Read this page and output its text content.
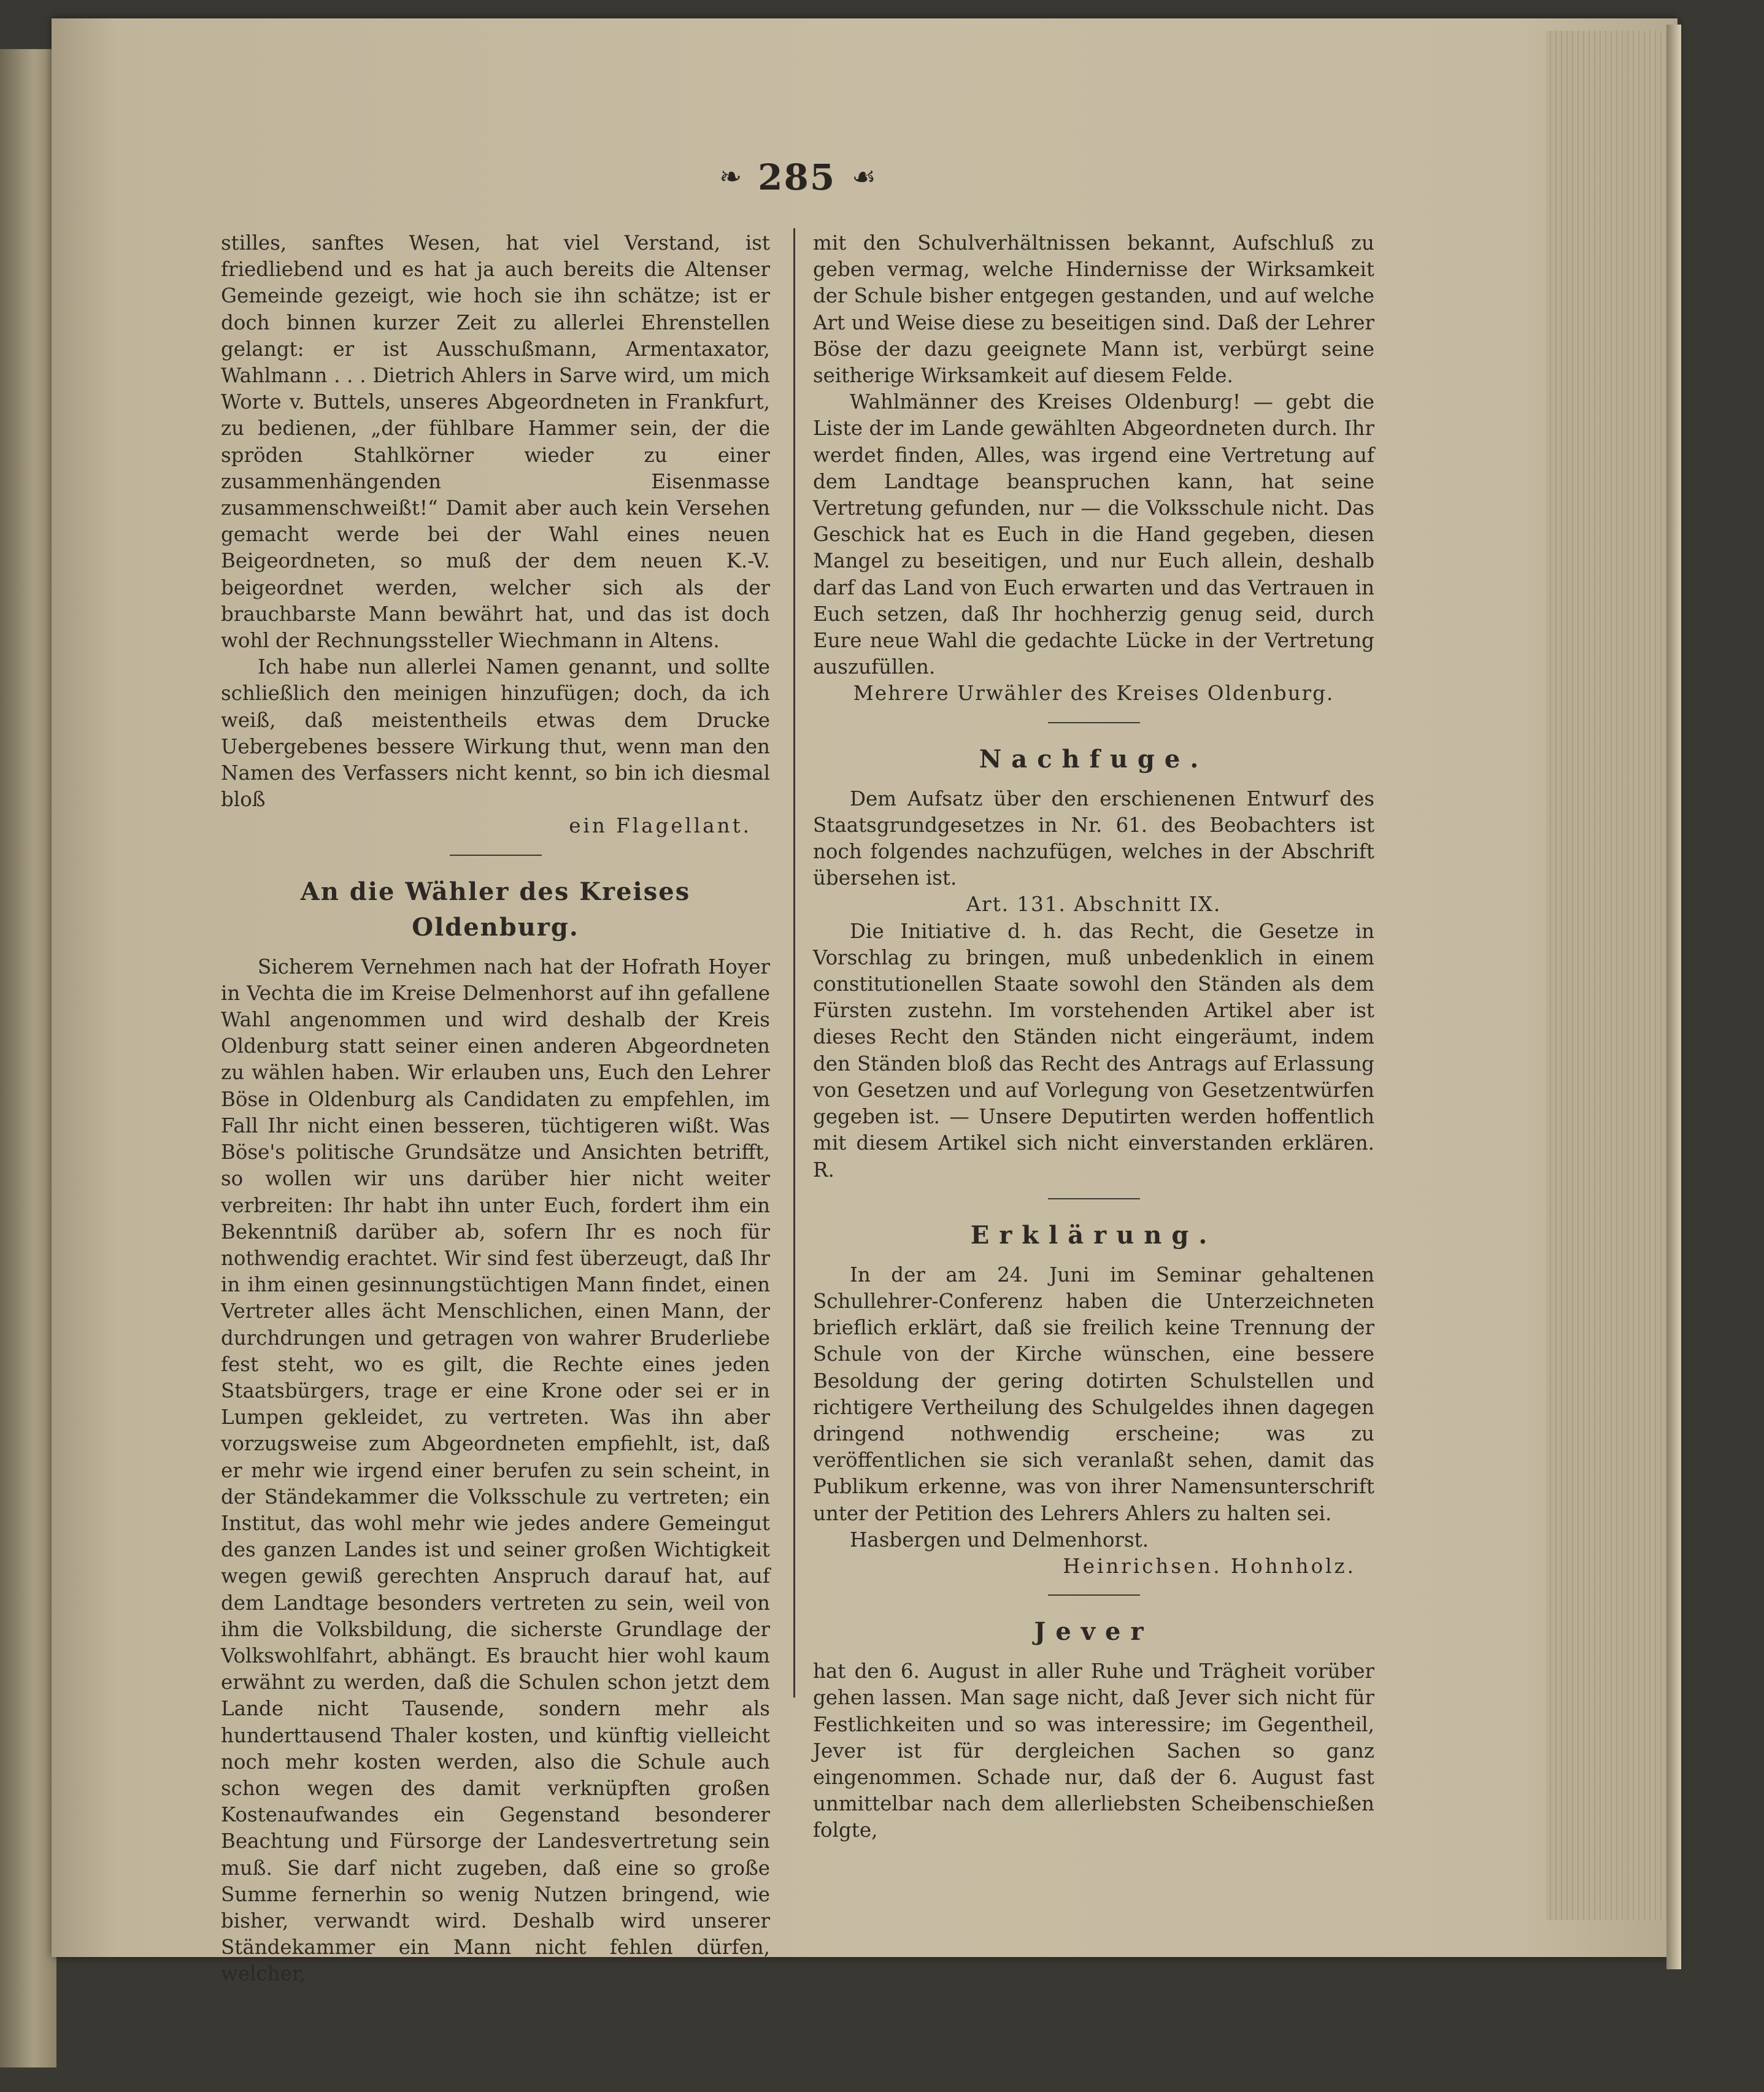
❧ 285 ☙

stilles, sanftes Wesen, hat viel Verstand, ist friedliebend und es hat ja auch bereits die Altenser Gemeinde gezeigt, wie hoch sie ihn schätze; ist er doch binnen kurzer Zeit zu allerlei Ehrenstellen gelangt: er ist Ausschußmann, Armentaxator, Wahlmann . . . Dietrich Ahlers in Sarve wird, um mich Worte v. Buttels, unseres Abgeordneten in Frankfurt, zu bedienen, „der fühlbare Hammer sein, der die spröden Stahlkörner wieder zu einer zusammenhängenden Eisenmasse zusammenschweißt!“ Damit aber auch kein Versehen gemacht werde bei der Wahl eines neuen Beigeordneten, so muß der dem neuen K.-V. beigeordnet werden, welcher sich als der brauchbarste Mann bewährt hat, und das ist doch wohl der Rechnungssteller Wiechmann in Altens.

Ich habe nun allerlei Namen genannt, und sollte schließlich den meinigen hinzufügen; doch, da ich weiß, daß meistentheils etwas dem Drucke Uebergebenes bessere Wirkung thut, wenn man den Namen des Verfassers nicht kennt, so bin ich diesmal bloß

ein Flagellant.

An die Wähler des Kreises Oldenburg.

Sicherem Vernehmen nach hat der Hofrath Hoyer in Vechta die im Kreise Delmenhorst auf ihn gefallene Wahl angenommen und wird deshalb der Kreis Oldenburg statt seiner einen anderen Abgeordneten zu wählen haben. Wir erlauben uns, Euch den Lehrer Böse in Oldenburg als Candidaten zu empfehlen, im Fall Ihr nicht einen besseren, tüchtigeren wißt. Was Böse's politische Grundsätze und Ansichten betrifft, so wollen wir uns darüber hier nicht weiter verbreiten: Ihr habt ihn unter Euch, fordert ihm ein Bekenntniß darüber ab, sofern Ihr es noch für nothwendig erachtet. Wir sind fest überzeugt, daß Ihr in ihm einen gesinnungstüchtigen Mann findet, einen Vertreter alles ächt Menschlichen, einen Mann, der durchdrungen und getragen von wahrer Bruderliebe fest steht, wo es gilt, die Rechte eines jeden Staatsbürgers, trage er eine Krone oder sei er in Lumpen gekleidet, zu vertreten. Was ihn aber vorzugsweise zum Abgeordneten empfiehlt, ist, daß er mehr wie irgend einer berufen zu sein scheint, in der Ständekammer die Volksschule zu vertreten; ein Institut, das wohl mehr wie jedes andere Gemeingut des ganzen Landes ist und seiner großen Wichtigkeit wegen gewiß gerechten Anspruch darauf hat, auf dem Landtage besonders vertreten zu sein, weil von ihm die Volksbildung, die sicherste Grundlage der Volkswohlfahrt, abhängt. Es braucht hier wohl kaum erwähnt zu werden, daß die Schulen schon jetzt dem Lande nicht Tausende, sondern mehr als hunderttausend Thaler kosten, und künftig vielleicht noch mehr kosten werden, also die Schule auch schon wegen des damit verknüpften großen Kostenaufwandes ein Gegenstand besonderer Beachtung und Fürsorge der Landesvertretung sein muß. Sie darf nicht zugeben, daß eine so große Summe fernerhin so wenig Nutzen bringend, wie bisher, verwandt wird. Deshalb wird unserer Ständekammer ein Mann nicht fehlen dürfen, welcher,

mit den Schulverhältnissen bekannt, Aufschluß zu geben vermag, welche Hindernisse der Wirksamkeit der Schule bisher entgegen gestanden, und auf welche Art und Weise diese zu beseitigen sind. Daß der Lehrer Böse der dazu geeignete Mann ist, verbürgt seine seitherige Wirksamkeit auf diesem Felde.

Wahlmänner des Kreises Oldenburg! — gebt die Liste der im Lande gewählten Abgeordneten durch. Ihr werdet finden, Alles, was irgend eine Vertretung auf dem Landtage beanspruchen kann, hat seine Vertretung gefunden, nur — die Volksschule nicht. Das Geschick hat es Euch in die Hand gegeben, diesen Mangel zu beseitigen, und nur Euch allein, deshalb darf das Land von Euch erwarten und das Vertrauen in Euch setzen, daß Ihr hochherzig genug seid, durch Eure neue Wahl die gedachte Lücke in der Vertretung auszufüllen.

Mehrere Urwähler des Kreises Oldenburg.

Nachfuge.

Dem Aufsatz über den erschienenen Entwurf des Staatsgrundgesetzes in Nr. 61. des Beobachters ist noch folgendes nachzufügen, welches in der Abschrift übersehen ist.

Art. 131. Abschnitt IX.

Die Initiative d. h. das Recht, die Gesetze in Vorschlag zu bringen, muß unbedenklich in einem constitutionellen Staate sowohl den Ständen als dem Fürsten zustehn. Im vorstehenden Artikel aber ist dieses Recht den Ständen nicht eingeräumt, indem den Ständen bloß das Recht des Antrags auf Erlassung von Gesetzen und auf Vorlegung von Gesetzentwürfen gegeben ist. — Unsere Deputirten werden hoffentlich mit diesem Artikel sich nicht einverstanden erklären. R.

Erklärung.

In der am 24. Juni im Seminar gehaltenen Schullehrer-Conferenz haben die Unterzeichneten brieflich erklärt, daß sie freilich keine Trennung der Schule von der Kirche wünschen, eine bessere Besoldung der gering dotirten Schulstellen und richtigere Vertheilung des Schulgeldes ihnen dagegen dringend nothwendig erscheine; was zu veröffentlichen sie sich veranlaßt sehen, damit das Publikum erkenne, was von ihrer Namensunterschrift unter der Petition des Lehrers Ahlers zu halten sei.

Hasbergen und Delmenhorst.

Heinrichsen. Hohnholz.

Jever

hat den 6. August in aller Ruhe und Trägheit vorüber gehen lassen. Man sage nicht, daß Jever sich nicht für Festlichkeiten und so was interessire; im Gegentheil, Jever ist für dergleichen Sachen so ganz eingenommen. Schade nur, daß der 6. August fast unmittelbar nach dem allerliebsten Scheibenschießen folgte,
